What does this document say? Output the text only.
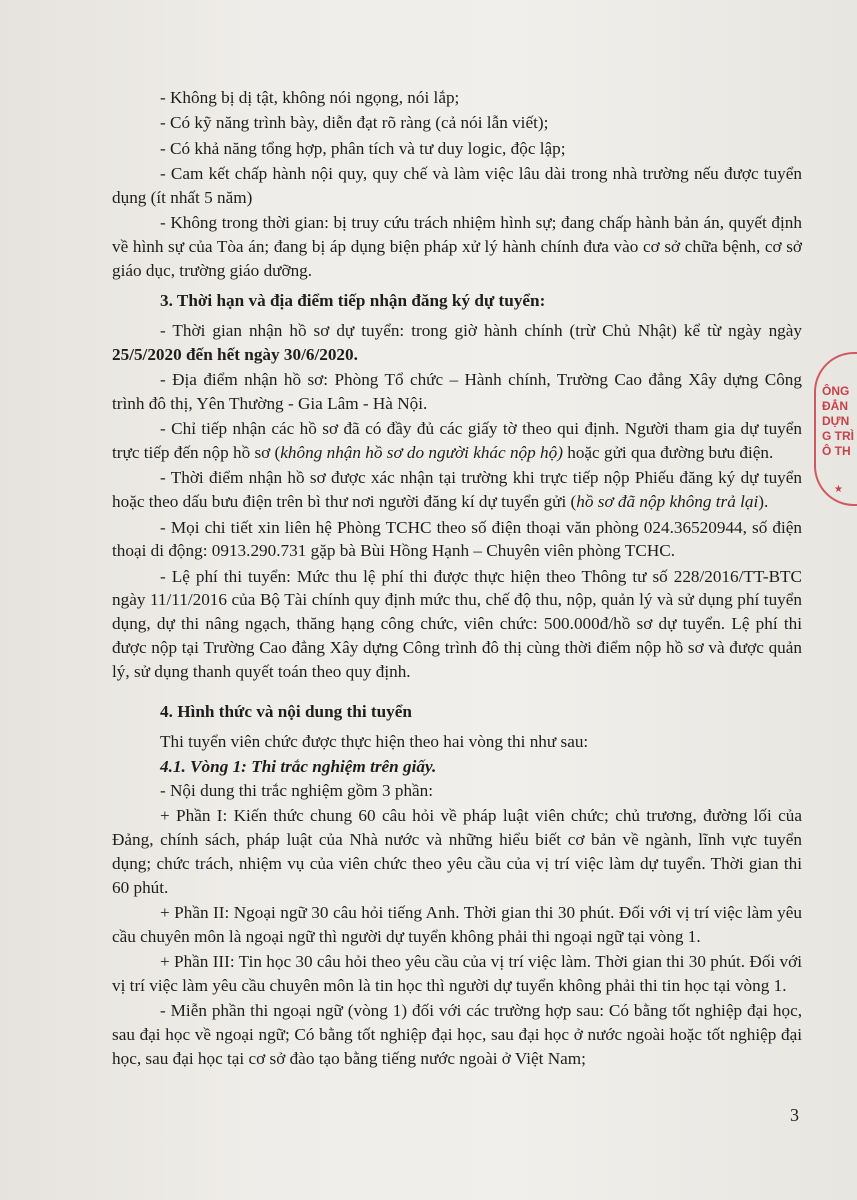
- Không bị dị tật, không nói ngọng, nói lắp;

- Có kỹ năng trình bày, diễn đạt rõ ràng (cả nói lẫn viết);

- Có khả năng tổng hợp, phân tích và tư duy logic, độc lập;

- Cam kết chấp hành nội quy, quy chế và làm việc lâu dài trong nhà trường nếu được tuyển dụng (ít nhất 5 năm)

- Không trong thời gian: bị truy cứu trách nhiệm hình sự; đang chấp hành bản án, quyết định về hình sự của Tòa án; đang bị áp dụng biện pháp xử lý hành chính đưa vào cơ sở chữa bệnh, cơ sở giáo dục, trường giáo dưỡng.

3. Thời hạn và địa điểm tiếp nhận đăng ký dự tuyển:

- Thời gian nhận hồ sơ dự tuyển: trong giờ hành chính (trừ Chủ Nhật) kể từ ngày ngày 25/5/2020 đến hết ngày 30/6/2020.

- Địa điểm nhận hồ sơ: Phòng Tổ chức – Hành chính, Trường Cao đẳng Xây dựng Công trình đô thị, Yên Thường - Gia Lâm - Hà Nội.

- Chỉ tiếp nhận các hồ sơ đã có đầy đủ các giấy tờ theo qui định. Người tham gia dự tuyển trực tiếp đến nộp hồ sơ (không nhận hồ sơ do người khác nộp hộ) hoặc gửi qua đường bưu điện.

- Thời điểm nhận hồ sơ được xác nhận tại trường khi trực tiếp nộp Phiếu đăng ký dự tuyển hoặc theo dấu bưu điện trên bì thư nơi người đăng kí dự tuyển gửi (hồ sơ đã nộp không trả lại).

- Mọi chi tiết xin liên hệ Phòng TCHC theo số điện thoại văn phòng 024.36520944, số điện thoại di động: 0913.290.731 gặp bà Bùi Hồng Hạnh – Chuyên viên phòng TCHC.

- Lệ phí thi tuyển: Mức thu lệ phí thi được thực hiện theo Thông tư số 228/2016/TT-BTC ngày 11/11/2016 của Bộ Tài chính quy định mức thu, chế độ thu, nộp, quản lý và sử dụng phí tuyển dụng, dự thi nâng ngạch, thăng hạng công chức, viên chức: 500.000đ/hồ sơ dự tuyển. Lệ phí thi được nộp tại Trường Cao đẳng Xây dựng Công trình đô thị cùng thời điểm nộp hồ sơ và được quản lý, sử dụng thanh quyết toán theo quy định.

4. Hình thức và nội dung thi tuyển

Thi tuyển viên chức được thực hiện theo hai vòng thi như sau:

4.1. Vòng 1: Thi trắc nghiệm trên giấy.

- Nội dung thi trắc nghiệm gồm 3 phần:

+ Phần I: Kiến thức chung 60 câu hỏi về pháp luật viên chức; chủ trương, đường lối của Đảng, chính sách, pháp luật của Nhà nước và những hiểu biết cơ bản về ngành, lĩnh vực tuyển dụng; chức trách, nhiệm vụ của viên chức theo yêu cầu của vị trí việc làm dự tuyển. Thời gian thi 60 phút.

+ Phần II: Ngoại ngữ 30 câu hỏi tiếng Anh. Thời gian thi 30 phút. Đối với vị trí việc làm yêu cầu chuyên môn là ngoại ngữ thì người dự tuyển không phải thi ngoại ngữ tại vòng 1.

+ Phần III: Tin học 30 câu hỏi theo yêu cầu của vị trí việc làm. Thời gian thi 30 phút. Đối với vị trí việc làm yêu cầu chuyên môn là tin học thì người dự tuyển không phải thi tin học tại vòng 1.

- Miễn phần thi ngoại ngữ (vòng 1) đối với các trường hợp sau: Có bằng tốt nghiệp đại học, sau đại học về ngoại ngữ; Có bằng tốt nghiệp đại học, sau đại học ở nước ngoài hoặc tốt nghiệp đại học, sau đại học tại cơ sở đào tạo bằng tiếng nước ngoài ở Việt Nam;

ÔNG
ĐẲN
DỰN
G TRÌ
Ô TH
★
3
